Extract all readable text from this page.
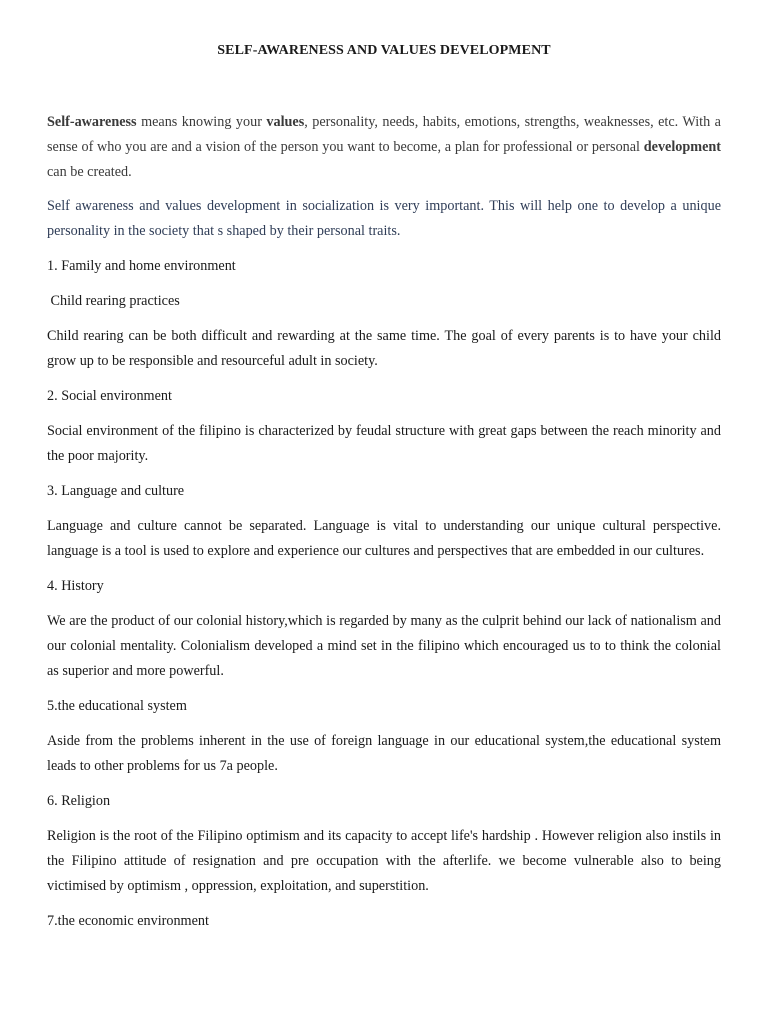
SELF-AWARENESS AND VALUES DEVELOPMENT

Self-awareness means knowing your values, personality, needs, habits, emotions, strengths, weaknesses, etc. With a sense of who you are and a vision of the person you want to become, a plan for professional or personal development can be created.

Self awareness and values development in socialization is very important. This will help one to develop a unique personality in the society that s shaped by their personal traits.

1. Family and home environment

Child rearing practices

Child rearing can be both difficult and rewarding at the same time. The goal of every parents is to have your child grow up to be responsible and resourceful adult in society.

2. Social environment

Social environment of the filipino is characterized by feudal structure with great gaps between the reach minority and the poor majority.

3. Language and culture

Language and culture cannot be separated. Language is vital to understanding our unique cultural perspective. language is a tool is used to explore and experience our cultures and perspectives that are embedded in our cultures.

4. History

We are the product of our colonial history,which is regarded by many as the culprit behind our lack of nationalism and our colonial mentality. Colonialism developed a mind set in the filipino which encouraged us to to think the colonial as superior and more powerful.

5.the educational system

Aside from the problems inherent in the use of foreign language in our educational system,the educational system leads to other problems for us 7a people.

6. Religion

Religion is the root of the Filipino optimism and its capacity to accept life's hardship . However religion also instils in the Filipino attitude of resignation and pre occupation with the afterlife. we become vulnerable also to being victimised by optimism , oppression, exploitation, and superstition.

7.the economic environment
